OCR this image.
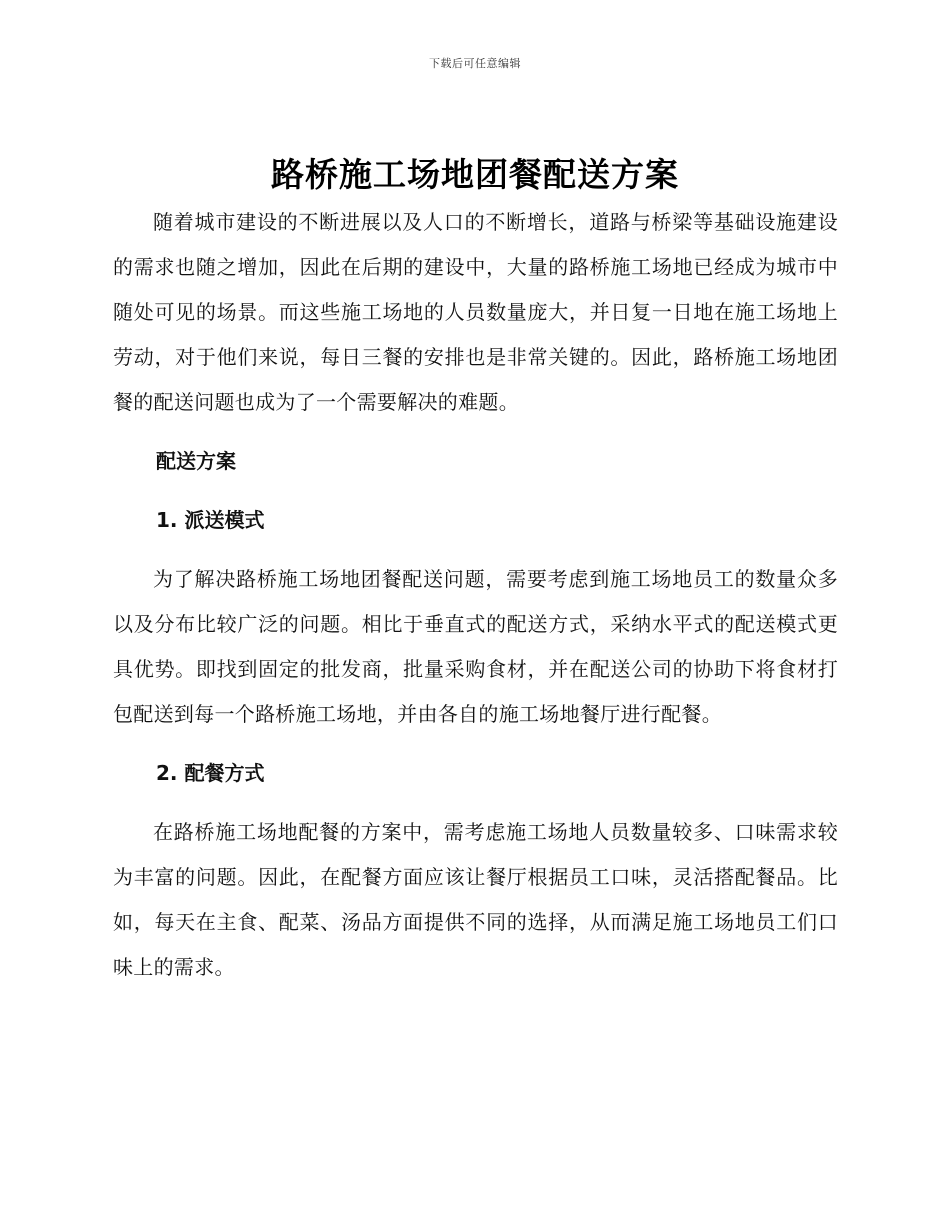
下载后可任意编辑
路桥施工场地团餐配送方案

随着城市建设的不断进展以及人口的不断增长，道路与桥梁等基础设施建设的需求也随之增加，因此在后期的建设中，大量的路桥施工场地已经成为城市中随处可见的场景。而这些施工场地的人员数量庞大，并日复一日地在施工场地上劳动，对于他们来说，每日三餐的安排也是非常关键的。因此，路桥施工场地团餐的配送问题也成为了一个需要解决的难题。

配送方案

1. 派送模式

为了解决路桥施工场地团餐配送问题，需要考虑到施工场地员工的数量众多以及分布比较广泛的问题。相比于垂直式的配送方式，采纳水平式的配送模式更具优势。即找到固定的批发商，批量采购食材，并在配送公司的协助下将食材打包配送到每一个路桥施工场地，并由各自的施工场地餐厅进行配餐。

2. 配餐方式

在路桥施工场地配餐的方案中，需考虑施工场地人员数量较多、口味需求较为丰富的问题。因此，在配餐方面应该让餐厅根据员工口味，灵活搭配餐品。比如，每天在主食、配菜、汤品方面提供不同的选择，从而满足施工场地员工们口味上的需求。
